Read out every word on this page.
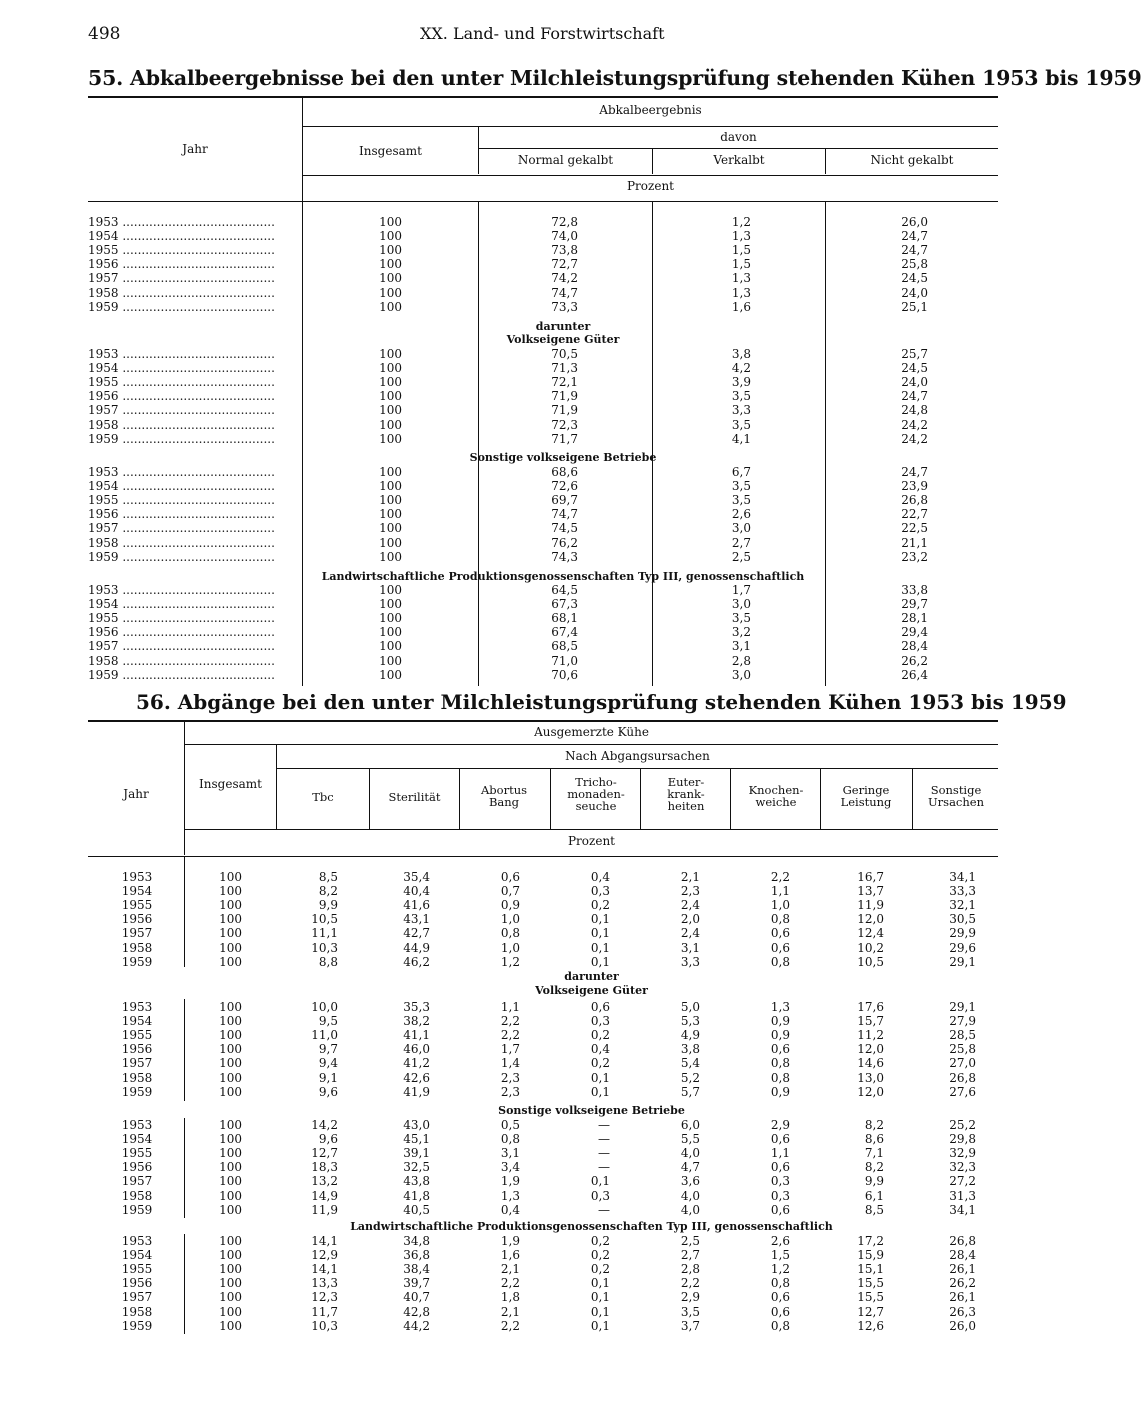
498	XX. Land- und Forstwirtschaft
55. Abkalbeergebnisse bei den unter Milchleistungsprüfung stehenden Kühen 1953 bis 1959
Jahr
Abkalbeergebnis
Insgesamt
davon
Normal gekalbt	Verkalbt	Nicht gekalbt
Prozent
1953 ........................................	100	72,8	1,2	26,0
1954 ........................................	100	74,0	1,3	24,7
1955 ........................................	100	73,8	1,5	24,7
1956 ........................................	100	72,7	1,5	25,8
1957 ........................................	100	74,2	1,3	24,5
1958 ........................................	100	74,7	1,3	24,0
1959 ........................................	100	73,3	1,6	25,1
darunter
Volkseigene Güter
1953 ........................................	100	70,5	3,8	25,7
1954 ........................................	100	71,3	4,2	24,5
1955 ........................................	100	72,1	3,9	24,0
1956 ........................................	100	71,9	3,5	24,7
1957 ........................................	100	71,9	3,3	24,8
1958 ........................................	100	72,3	3,5	24,2
1959 ........................................	100	71,7	4,1	24,2
Sonstige volkseigene Betriebe
1953 ........................................	100	68,6	6,7	24,7
1954 ........................................	100	72,6	3,5	23,9
1955 ........................................	100	69,7	3,5	26,8
1956 ........................................	100	74,7	2,6	22,7
1957 ........................................	100	74,5	3,0	22,5
1958 ........................................	100	76,2	2,7	21,1
1959 ........................................	100	74,3	2,5	23,2
Landwirtschaftliche Produktionsgenossenschaften Typ III, genossenschaftlich
1953 ........................................	100	64,5	1,7	33,8
1954 ........................................	100	67,3	3,0	29,7
1955 ........................................	100	68,1	3,5	28,1
1956 ........................................	100	67,4	3,2	29,4
1957 ........................................	100	68,5	3,1	28,4
1958 ........................................	100	71,0	2,8	26,2
1959 ........................................	100	70,6	3,0	26,4
56. Abgänge bei den unter Milchleistungsprüfung stehenden Kühen 1953 bis 1959
Jahr
Ausgemerzte Kühe
Insgesamt
Nach Abgangsursachen
Tbc	Sterilität	Abortus Bang
Tricho-monaden-seuche
Euter-krank-heiten
Knochen-weiche
Geringe Leistung
Sonstige Ursachen
Prozent
1953	100	8,5	35,4	0,6	0,4	2,1	2,2	16,7	34,1
1954	100	8,2	40,4	0,7	0,3	2,3	1,1	13,7	33,3
1955	100	9,9	41,6	0,9	0,2	2,4	1,0	11,9	32,1
1956	100	10,5	43,1	1,0	0,1	2,0	0,8	12,0	30,5
1957	100	11,1	42,7	0,8	0,1	2,4	0,6	12,4	29,9
1958	100	10,3	44,9	1,0	0,1	3,1	0,6	10,2	29,6
1959	100	8,8	46,2	1,2	0,1	3,3	0,8	10,5	29,1
darunter
Volkseigene Güter
1953	100	10,0	35,3	1,1	0,6	5,0	1,3	17,6	29,1
1954	100	9,5	38,2	2,2	0,3	5,3	0,9	15,7	27,9
1955	100	11,0	41,1	2,2	0,2	4,9	0,9	11,2	28,5
1956	100	9,7	46,0	1,7	0,4	3,8	0,6	12,0	25,8
1957	100	9,4	41,2	1,4	0,2	5,4	0,8	14,6	27,0
1958	100	9,1	42,6	2,3	0,1	5,2	0,8	13,0	26,8
1959	100	9,6	41,9	2,3	0,1	5,7	0,9	12,0	27,6
Sonstige volkseigene Betriebe
1953	100	14,2	43,0	0,5	—	6,0	2,9	8,2	25,2
1954	100	9,6	45,1	0,8	—	5,5	0,6	8,6	29,8
1955	100	12,7	39,1	3,1	—	4,0	1,1	7,1	32,9
1956	100	18,3	32,5	3,4	—	4,7	0,6	8,2	32,3
1957	100	13,2	43,8	1,9	0,1	3,6	0,3	9,9	27,2
1958	100	14,9	41,8	1,3	0,3	4,0	0,3	6,1	31,3
1959	100	11,9	40,5	0,4	—	4,0	0,6	8,5	34,1
Landwirtschaftliche Produktionsgenossenschaften Typ III, genossenschaftlich
1953	100	14,1	34,8	1,9	0,2	2,5	2,6	17,2	26,8
1954	100	12,9	36,8	1,6	0,2	2,7	1,5	15,9	28,4
1955	100	14,1	38,4	2,1	0,2	2,8	1,2	15,1	26,1
1956	100	13,3	39,7	2,2	0,1	2,2	0,8	15,5	26,2
1957	100	12,3	40,7	1,8	0,1	2,9	0,6	15,5	26,1
1958	100	11,7	42,8	2,1	0,1	3,5	0,6	12,7	26,3
1959	100	10,3	44,2	2,2	0,1	3,7	0,8	12,6	26,0
